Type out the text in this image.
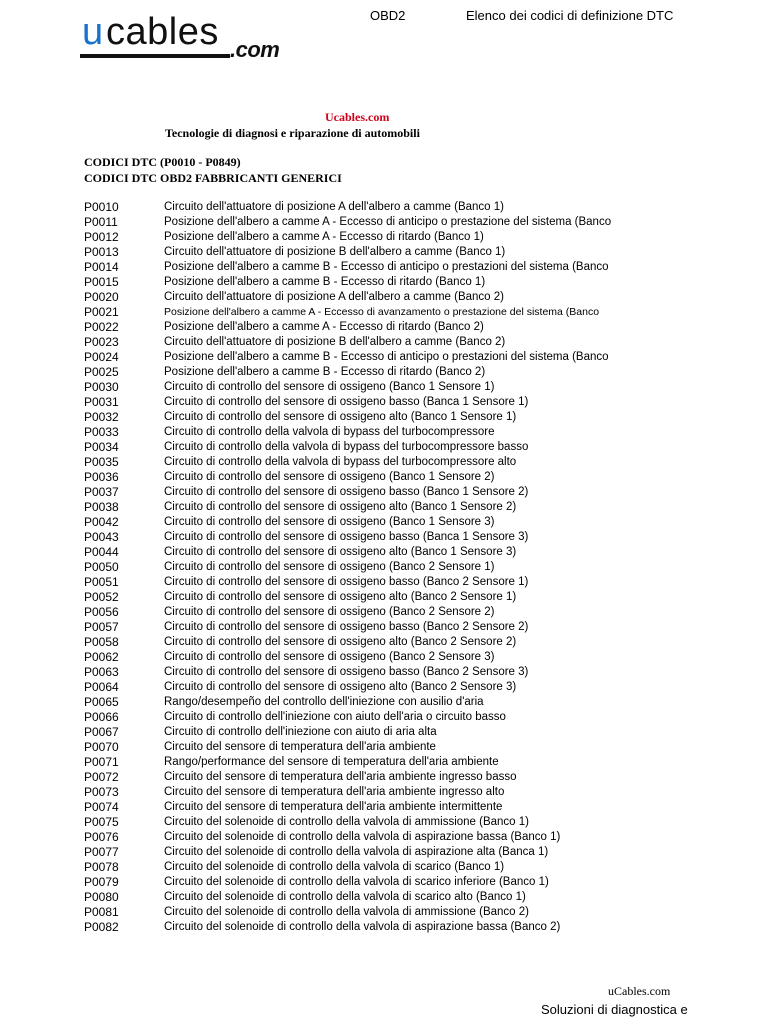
u cables .com
OBD2	Elenco dei codici di definizione DTC
Ucables.com
Tecnologie di diagnosi e riparazione di automobili
CODICI DTC (P0010 - P0849)
CODICI DTC OBD2 FABBRICANTI GENERICI
P0010	Circuito dell'attuatore di posizione A dell'albero a camme (Banco 1)
P0011	Posizione dell'albero a camme A - Eccesso di anticipo o prestazione del sistema (Banco
P0012	Posizione dell'albero a camme A - Eccesso di ritardo (Banco 1)
P0013	Circuito dell'attuatore di posizione B dell'albero a camme (Banco 1)
P0014	Posizione dell'albero a camme B - Eccesso di anticipo o prestazioni del sistema (Banco
P0015	Posizione dell'albero a camme B - Eccesso di ritardo (Banco 1)
P0020	Circuito dell'attuatore di posizione A dell'albero a camme (Banco 2)
P0021	Posizione dell'albero a camme A - Eccesso di avanzamento o prestazione del sistema (Banco
P0022	Posizione dell'albero a camme A - Eccesso di ritardo (Banco 2)
P0023	Circuito dell'attuatore di posizione B dell'albero a camme (Banco 2)
P0024	Posizione dell'albero a camme B - Eccesso di anticipo o prestazioni del sistema (Banco
P0025	Posizione dell'albero a camme B - Eccesso di ritardo (Banco 2)
P0030	Circuito di controllo del sensore di ossigeno (Banco 1 Sensore 1)
P0031	Circuito di controllo del sensore di ossigeno basso (Banca 1 Sensore 1)
P0032	Circuito di controllo del sensore di ossigeno alto (Banco 1 Sensore 1)
P0033	Circuito di controllo della valvola di bypass del turbocompressore
P0034	Circuito di controllo della valvola di bypass del turbocompressore basso
P0035	Circuito di controllo della valvola di bypass del turbocompressore alto
P0036	Circuito di controllo del sensore di ossigeno (Banco 1 Sensore 2)
P0037	Circuito di controllo del sensore di ossigeno basso (Banco 1 Sensore 2)
P0038	Circuito di controllo del sensore di ossigeno alto (Banco 1 Sensore 2)
P0042	Circuito di controllo del sensore di ossigeno (Banco 1 Sensore 3)
P0043	Circuito di controllo del sensore di ossigeno basso (Banca 1 Sensore 3)
P0044	Circuito di controllo del sensore di ossigeno alto (Banco 1 Sensore 3)
P0050	Circuito di controllo del sensore di ossigeno (Banco 2 Sensore 1)
P0051	Circuito di controllo del sensore di ossigeno basso (Banco 2 Sensore 1)
P0052	Circuito di controllo del sensore di ossigeno alto (Banco 2 Sensore 1)
P0056	Circuito di controllo del sensore di ossigeno (Banco 2 Sensore 2)
P0057	Circuito di controllo del sensore di ossigeno basso (Banco 2 Sensore 2)
P0058	Circuito di controllo del sensore di ossigeno alto (Banco 2 Sensore 2)
P0062	Circuito di controllo del sensore di ossigeno (Banco 2 Sensore 3)
P0063	Circuito di controllo del sensore di ossigeno basso (Banco 2 Sensore 3)
P0064	Circuito di controllo del sensore di ossigeno alto (Banco 2 Sensore 3)
P0065	Rango/desempeño del controllo dell'iniezione con ausilio d'aria
P0066	Circuito di controllo dell'iniezione con aiuto dell'aria o circuito basso
P0067	Circuito di controllo dell'iniezione con aiuto di aria alta
P0070	Circuito del sensore di temperatura dell'aria ambiente
P0071	Rango/performance del sensore di temperatura dell'aria ambiente
P0072	Circuito del sensore di temperatura dell'aria ambiente ingresso basso
P0073	Circuito del sensore di temperatura dell'aria ambiente ingresso alto
P0074	Circuito del sensore di temperatura dell'aria ambiente intermittente
P0075	Circuito del solenoide di controllo della valvola di ammissione (Banco 1)
P0076	Circuito del solenoide di controllo della valvola di aspirazione bassa (Banco 1)
P0077	Circuito del solenoide di controllo della valvola di aspirazione alta (Banca 1)
P0078	Circuito del solenoide di controllo della valvola di scarico (Banco 1)
P0079	Circuito del solenoide di controllo della valvola di scarico inferiore (Banco 1)
P0080	Circuito del solenoide di controllo della valvola di scarico alto (Banco 1)
P0081	Circuito del solenoide di controllo della valvola di ammissione (Banco 2)
P0082	Circuito del solenoide di controllo della valvola di aspirazione bassa (Banco 2)
uCables.com
Soluzioni di diagnostica e
